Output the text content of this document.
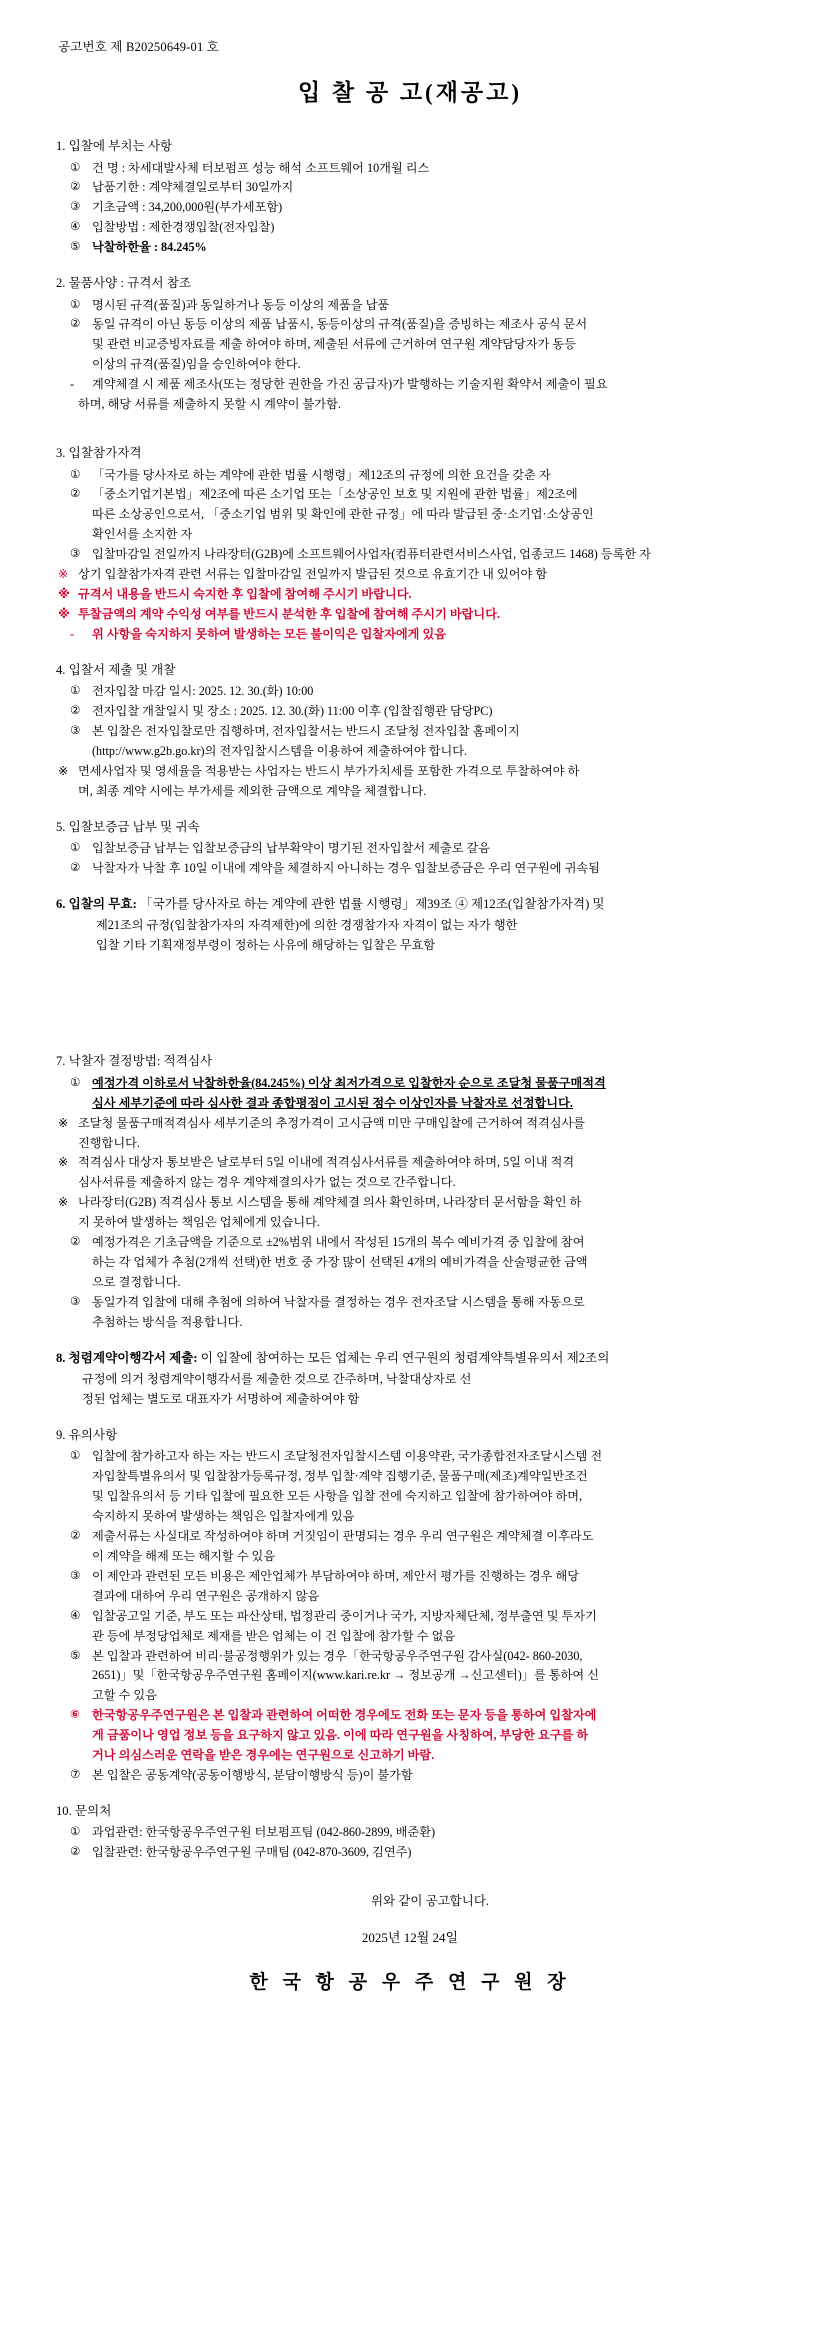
공고번호 제 B20250649-01 호
입 찰 공 고(재공고)
1. 입찰에 부치는 사항
① 건 명 : 차세대발사체 터보펌프 성능 해석 소프트웨어 10개월 리스
② 납품기한 : 계약체결일로부터 30일까지
③ 기초금액 : 34,200,000원(부가세포함)
④ 입찰방법 : 제한경쟁입찰(전자입찰)
⑤ 낙찰하한율 : 84.245%
2. 물품사양 : 규격서 참조
① 명시된 규격(품질)과 동일하거나 동등 이상의 제품을 납품
② 동일 규격이 아닌 동등 이상의 제품 납품시, 동등이상의 규격(품질)을 증빙하는 제조사 공식 문서
및 관련 비교증빙자료를 제출 하여야 하며, 제출된 서류에 근거하여 연구원 계약담당자가 동등
이상의 규격(품질)임을 승인하여야 한다.
-	계약체결 시 제품 제조사(또는 정당한 권한을 가진 공급자)가 발행하는 기술지원 확약서 제출이 필요
하며, 해당 서류를 제출하지 못할 시 계약이 불가함.
3. 입찰참가자격
① 「국가를 당사자로 하는 계약에 관한 법률 시행령」제12조의 규정에 의한 요건을 갖춘 자
② 「중소기업기본법」제2조에 따른 소기업 또는「소상공인 보호 및 지원에 관한 법률」제2조에
따른 소상공인으로서, 「중소기업 범위 및 확인에 관한 규정」에 따라 발급된 중·소기업·소상공인
확인서를 소지한 자
③ 입찰마감일 전일까지 나라장터(G2B)에 소프트웨어사업자(컴퓨터관련서비스사업, 업종코드 1468) 등록한 자
※ 상기 입찰참가자격 관련 서류는 입찰마감일 전일까지 발급된 것으로 유효기간 내 있어야 함
※ 규격서 내용을 반드시 숙지한 후 입찰에 참여해 주시기 바랍니다.
※ 투찰금액의 계약 수익성 여부를 반드시 분석한 후 입찰에 참여해 주시기 바랍니다.
-	위 사항을 숙지하지 못하여 발생하는 모든 불이익은 입찰자에게 있음
4. 입찰서 제출 및 개찰
① 전자입찰 마감 일시: 2025. 12. 30.(화) 10:00
② 전자입찰 개찰일시 및 장소 : 2025. 12. 30.(화) 11:00 이후 (입찰집행관 담당PC)
③ 본 입찰은 전자입찰로만 집행하며, 전자입찰서는 반드시 조달청 전자입찰 홈페이지
(http://www.g2b.go.kr)의 전자입찰시스템을 이용하여 제출하여야 합니다.
※ 면세사업자 및 영세율을 적용받는 사업자는 반드시 부가가치세를 포함한 가격으로 투찰하여야 하
며, 최종 계약 시에는 부가세를 제외한 금액으로 계약을 체결합니다.
5. 입찰보증금 납부 및 귀속
① 입찰보증금 납부는 입찰보증금의 납부확약이 명기된 전자입찰서 제출로 갈음
② 낙찰자가 낙찰 후 10일 이내에 계약을 체결하지 아니하는 경우 입찰보증금은 우리 연구원에 귀속됨
6. 입찰의 무효: 「국가를 당사자로 하는 계약에 관한 법률 시행령」제39조 ④ 제12조(입찰참가자격) 및
제21조의 규정(입찰참가자의 자격제한)에 의한 경쟁참가자 자격이 없는 자가 행한
입찰 기타 기획재정부령이 정하는 사유에 해당하는 입찰은 무효함
7. 낙찰자 결정방법: 적격심사
① 예정가격 이하로서 낙찰하한율(84.245%) 이상 최저가격으로 입찰한자 순으로 조달청 물품구매적격
심사 세부기준에 따라 심사한 결과 종합평점이 고시된 점수 이상인자를 낙찰자로 선정합니다.
※ 조달청 물품구매적격심사 세부기준의 추정가격이 고시금액 미만 구매입찰에 근거하여 적격심사를
진행합니다.
※ 적격심사 대상자 통보받은 날로부터 5일 이내에 적격심사서류를 제출하여야 하며, 5일 이내 적격
심사서류를 제출하지 않는 경우 계약제결의사가 없는 것으로 간주합니다.
※ 나라장터(G2B) 적격심사 통보 시스템을 통해 계약체결 의사 확인하며, 나라장터 문서함을 확인 하
지 못하여 발생하는 책임은 업체에게 있습니다.
② 예정가격은 기초금액을 기준으로 ±2%범위 내에서 작성된 15개의 복수 예비가격 중 입찰에 참여
하는 각 업체가 추첨(2개씩 선택)한 번호 중 가장 많이 선택된 4개의 예비가격을 산술평균한 금액
으로 결정합니다.
③ 동일가격 입찰에 대해 추첨에 의하여 낙찰자를 결정하는 경우 전자조달 시스템을 통해 자동으로
추첨하는 방식을 적용합니다.
8. 청렴계약이행각서 제출: 이 입찰에 참여하는 모든 업체는 우리 연구원의 청렴계약특별유의서 제2조의
규정에 의거 청렴계약이행각서를 제출한 것으로 간주하며, 낙찰대상자로 선
정된 업체는 별도로 대표자가 서명하여 제출하여야 함
9. 유의사항
① 입찰에 참가하고자 하는 자는 반드시 조달청전자입찰시스템 이용약관, 국가종합전자조달시스템 전
자입찰특별유의서 및 입찰참가등록규정, 정부 입찰·계약 집행기준, 물품구매(제조)계약일반조건
및 입찰유의서 등 기타 입찰에 필요한 모든 사항을 입찰 전에 숙지하고 입찰에 참가하여야 하며,
숙지하지 못하여 발생하는 책임은 입찰자에게 있음
② 제출서류는 사실대로 작성하여야 하며 거짓임이 판명되는 경우 우리 연구원은 계약체결 이후라도
이 계약을 해제 또는 해지할 수 있음
③ 이 제안과 관련된 모든 비용은 제안업체가 부담하여야 하며, 제안서 평가를 진행하는 경우 해당
결과에 대하여 우리 연구원은 공개하지 않음
④ 입찰공고일 기준, 부도 또는 파산상태, 법정관리 중이거나 국가, 지방자체단체, 정부출연 및 투자기
관 등에 부정당업체로 제재를 받은 업체는 이 건 입찰에 참가할 수 없음
⑤ 본 입찰과 관련하여 비리·불공정행위가 있는 경우「한국항공우주연구원 감사실(042- 860-2030,
2651)」및「한국항공우주연구원 홈페이지(www.kari.re.kr → 정보공개 →신고센터)」를 통하여 신
고할 수 있음
⑥ 한국항공우주연구원은 본 입찰과 관련하여 어떠한 경우에도 전화 또는 문자 등을 통하여 입찰자에
게 금품이나 영업 정보 등을 요구하지 않고 있음. 이에 따라 연구원을 사칭하여, 부당한 요구를 하
거나 의심스러운 연락을 받은 경우에는 연구원으로 신고하기 바람.
⑦ 본 입찰은 공동계약(공동이행방식, 분담이행방식 등)이 불가함
10. 문의처
① 과업관련: 한국항공우주연구원 터보펌프팀 (042-860-2899, 배준환)
② 입찰관련: 한국항공우주연구원 구매팀 (042-870-3609, 김연주)
위와 같이 공고합니다.
2025년 12월 24일
한 국 항 공 우 주 연 구 원 장
